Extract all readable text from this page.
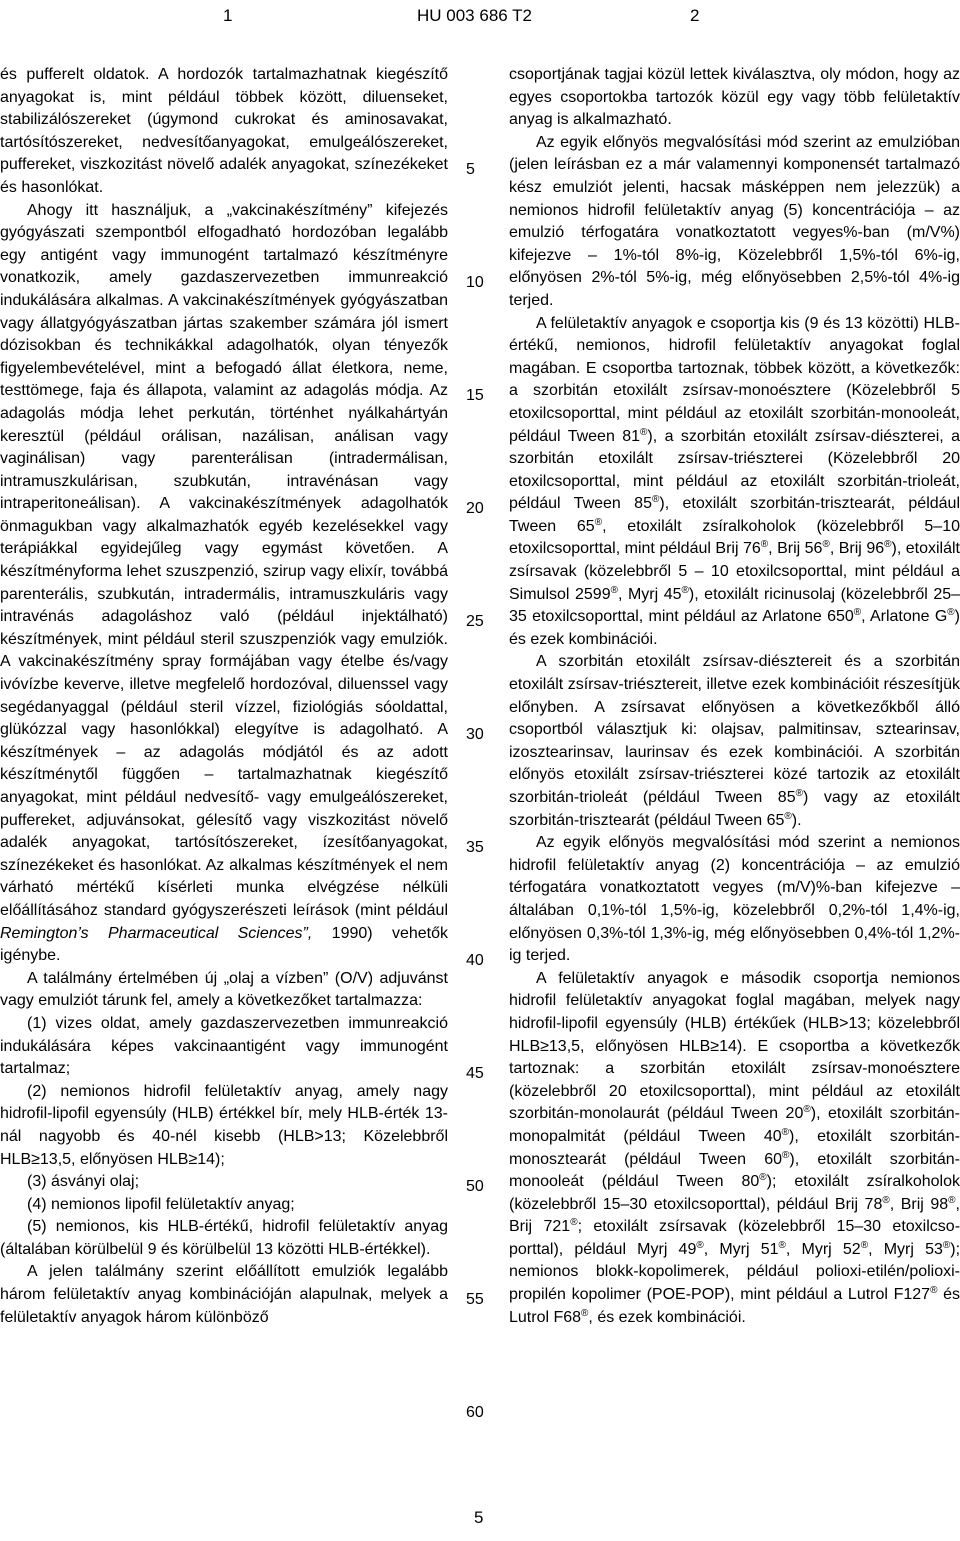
1	HU 003 686 T2	2

és pufferelt oldatok. A hordozók tartalmazhatnak kiegészítő anyagokat is, mint például többek között, diluenseket, stabilizálószereket (úgymond cukrokat és aminosavakat, tartósítószereket, nedvesítőanyagokat, emulgeálószereket, puffereket, viszkozitást növelő adalék anyagokat, színezékeket és hasonlókat.

Ahogy itt használjuk, a „vakcinakészítmény” kifejezés gyógyászati szempontból elfogadható hordozóban legalább egy antigént vagy immunogént tartalmazó készítményre vonatkozik, amely gazdaszervezetben immunreakció indukálására alkalmas. A vakcinakészítmények gyógyászatban vagy állatgyógyászatban jártas szakember számára jól ismert dózisokban és technikákkal adagolhatók, olyan tényezők figyelembevételével, mint a befogadó állat életkora, neme, testtömege, faja és állapota, valamint az adagolás módja. Az adagolás módja lehet perkután, történhet nyálkahártyán keresztül (például orálisan, nazálisan, análisan vagy vaginálisan) vagy parenterálisan (intradermálisan, intramuszkulárisan, szubkután, intravénásan vagy intraperitoneálisan). A vakcinakészítmények adagolhatók önmagukban vagy alkalmazhatók egyéb kezelésekkel vagy terápiákkal egyidejűleg vagy egymást követően. A készítményforma lehet szuszpenzió, szirup vagy elixír, továbbá parenterális, szubkután, intradermális, intramuszkuláris vagy intravénás adagoláshoz való (például injektálható) készítmények, mint például steril szuszpenziók vagy emulziók. A vakcinakészítmény spray formájában vagy ételbe és/vagy ivóvízbe keverve, illetve megfelelő hordozóval, diluenssel vagy segédanyaggal (például steril vízzel, fiziológiás sóoldattal, glükózzal vagy hasonlókkal) elegyítve is adagolható. A készítmények – az adagolás módjától és az adott készítménytől függően – tartalmazhatnak kiegészítő anyagokat, mint például nedvesítő- vagy emulgeálószereket, puffereket, adjuvánsokat, gélesítő vagy viszkozitást növelő adalék anyagokat, tartósítószereket, ízesítőanyagokat, színezékeket és hasonlókat. Az alkalmas készítmények el nem várható mértékű kísérleti munka elvégzése nélküli előállításához standard gyógyszerészeti leírások (mint például Remington’s Pharmaceutical Sciences”, 1990) vehetők igénybe.

A találmány értelmében új „olaj a vízben” (O/V) adjuvánst vagy emulziót tárunk fel, amely a következőket tartalmazza:

(1) vizes oldat, amely gazdaszervezetben immunreakció indukálására képes vakcinaantigént vagy immunogént tartalmaz;

(2) nemionos hidrofil felületaktív anyag, amely nagy hidrofil-lipofil egyensúly (HLB) értékkel bír, mely HLB-érték 13-nál nagyobb és 40-nél kisebb (HLB>13; Közelebbről HLB≥13,5, előnyösen HLB≥14);

(3) ásványi olaj;

(4) nemionos lipofil felületaktív anyag;

(5) nemionos, kis HLB-értékű, hidrofil felületaktív anyag (általában körülbelül 9 és körülbelül 13 közötti HLB-értékkel).

A jelen találmány szerint előállított emulziók legalább három felületaktív anyag kombinációján alapulnak, melyek a felületaktív anyagok három különböző

5
10
15
20
25
30
35
40
45
50
55
60

csoportjának tagjai közül lettek kiválasztva, oly módon, hogy az egyes csoportokba tartozók közül egy vagy több felületaktív anyag is alkalmazható.

Az egyik előnyös megvalósítási mód szerint az emulzióban (jelen leírásban ez a már valamennyi komponensét tartalmazó kész emulziót jelenti, hacsak másképpen nem jelezzük) a nemionos hidrofil felületaktív anyag (5) koncentrációja – az emulzió térfogatára vonatkoztatott vegyes%-ban (m/V%) kifejezve – 1%-tól 8%-ig, Közelebbről 1,5%-tól 6%-ig, előnyösen 2%-tól 5%-ig, még előnyösebben 2,5%-tól 4%-ig terjed.

A felületaktív anyagok e csoportja kis (9 és 13 közötti) HLB-értékű, nemionos, hidrofil felületaktív anyagokat foglal magában. E csoportba tartoznak, többek között, a következők: a szorbitán etoxilált zsírsav-monoésztere (Közelebbről 5 etoxilcsoporttal, mint például az etoxilált szorbitán-monooleát, például Tween 81®), a szorbitán etoxilált zsírsav-diészterei, a szorbitán etoxilált zsírsav-triészterei (Közelebbről 20 etoxilcsoporttal, mint például az etoxilált szorbitán-trioleát, például Tween 85®), etoxilált szorbitán-trisztearát, például Tween 65®, etoxilált zsíralkoholok (közelebbről 5–10 etoxilcsoporttal, mint például Brij 76®, Brij 56®, Brij 96®), etoxilált zsírsavak (közelebbről 5 – 10 etoxilcsoporttal, mint például a Simulsol 2599®, Myrj 45®), etoxilált ricinusolaj (közelebbről 25–35 etoxilcsoporttal, mint például az Arlatone 650®, Arlatone G®) és ezek kombinációi.

A szorbitán etoxilált zsírsav-diésztereit és a szorbitán etoxilált zsírsav-triésztereit, illetve ezek kombinációit részesítjük előnyben. A zsírsavat előnyösen a következőkből álló csoportból választjuk ki: olajsav, palmitinsav, sztearinsav, izosztearinsav, laurinsav és ezek kombinációi. A szorbitán előnyös etoxilált zsírsav-triészterei közé tartozik az etoxilált szorbitán-trioleát (például Tween 85®) vagy az etoxilált szorbitán-trisztearát (például Tween 65®).

Az egyik előnyös megvalósítási mód szerint a nemionos hidrofil felületaktív anyag (2) koncentrációja – az emulzió térfogatára vonatkoztatott vegyes (m/V)%-ban kifejezve – általában 0,1%-tól 1,5%-ig, közelebbről 0,2%-tól 1,4%-ig, előnyösen 0,3%-tól 1,3%-ig, még előnyösebben 0,4%-tól 1,2%-ig terjed.

A felületaktív anyagok e második csoportja nemionos hidrofil felületaktív anyagokat foglal magában, melyek nagy hidrofil-lipofil egyensúly (HLB) értékűek (HLB>13; közelebbről HLB≥13,5, előnyösen HLB≥14). E csoportba a következők tartoznak: a szorbitán etoxilált zsírsav-monoésztere (közelebbről 20 etoxilcsoporttal), mint például az etoxilált szorbitán-monolaurát (például Tween 20®), etoxilált szorbitán-monopalmitát (például Tween 40®), etoxilált szorbitán-monosztearát (például Tween 60®), etoxilált szorbitán-monooleát (például Tween 80®); etoxilált zsíralkoholok (közelebbről 15–30 etoxilcsoporttal), például Brij 78®, Brij 98®, Brij 721®; etoxilált zsírsavak (közelebbről 15–30 etoxilcsoporttal), például Myrj 49®, Myrj 51®, Myrj 52®, Myrj 53®); nemionos blokk-kopolimerek, például polioxi-etilén/polioxi-propilén kopolimer (POE-POP), mint például a Lutrol F127® és Lutrol F68®, és ezek kombinációi.

5
